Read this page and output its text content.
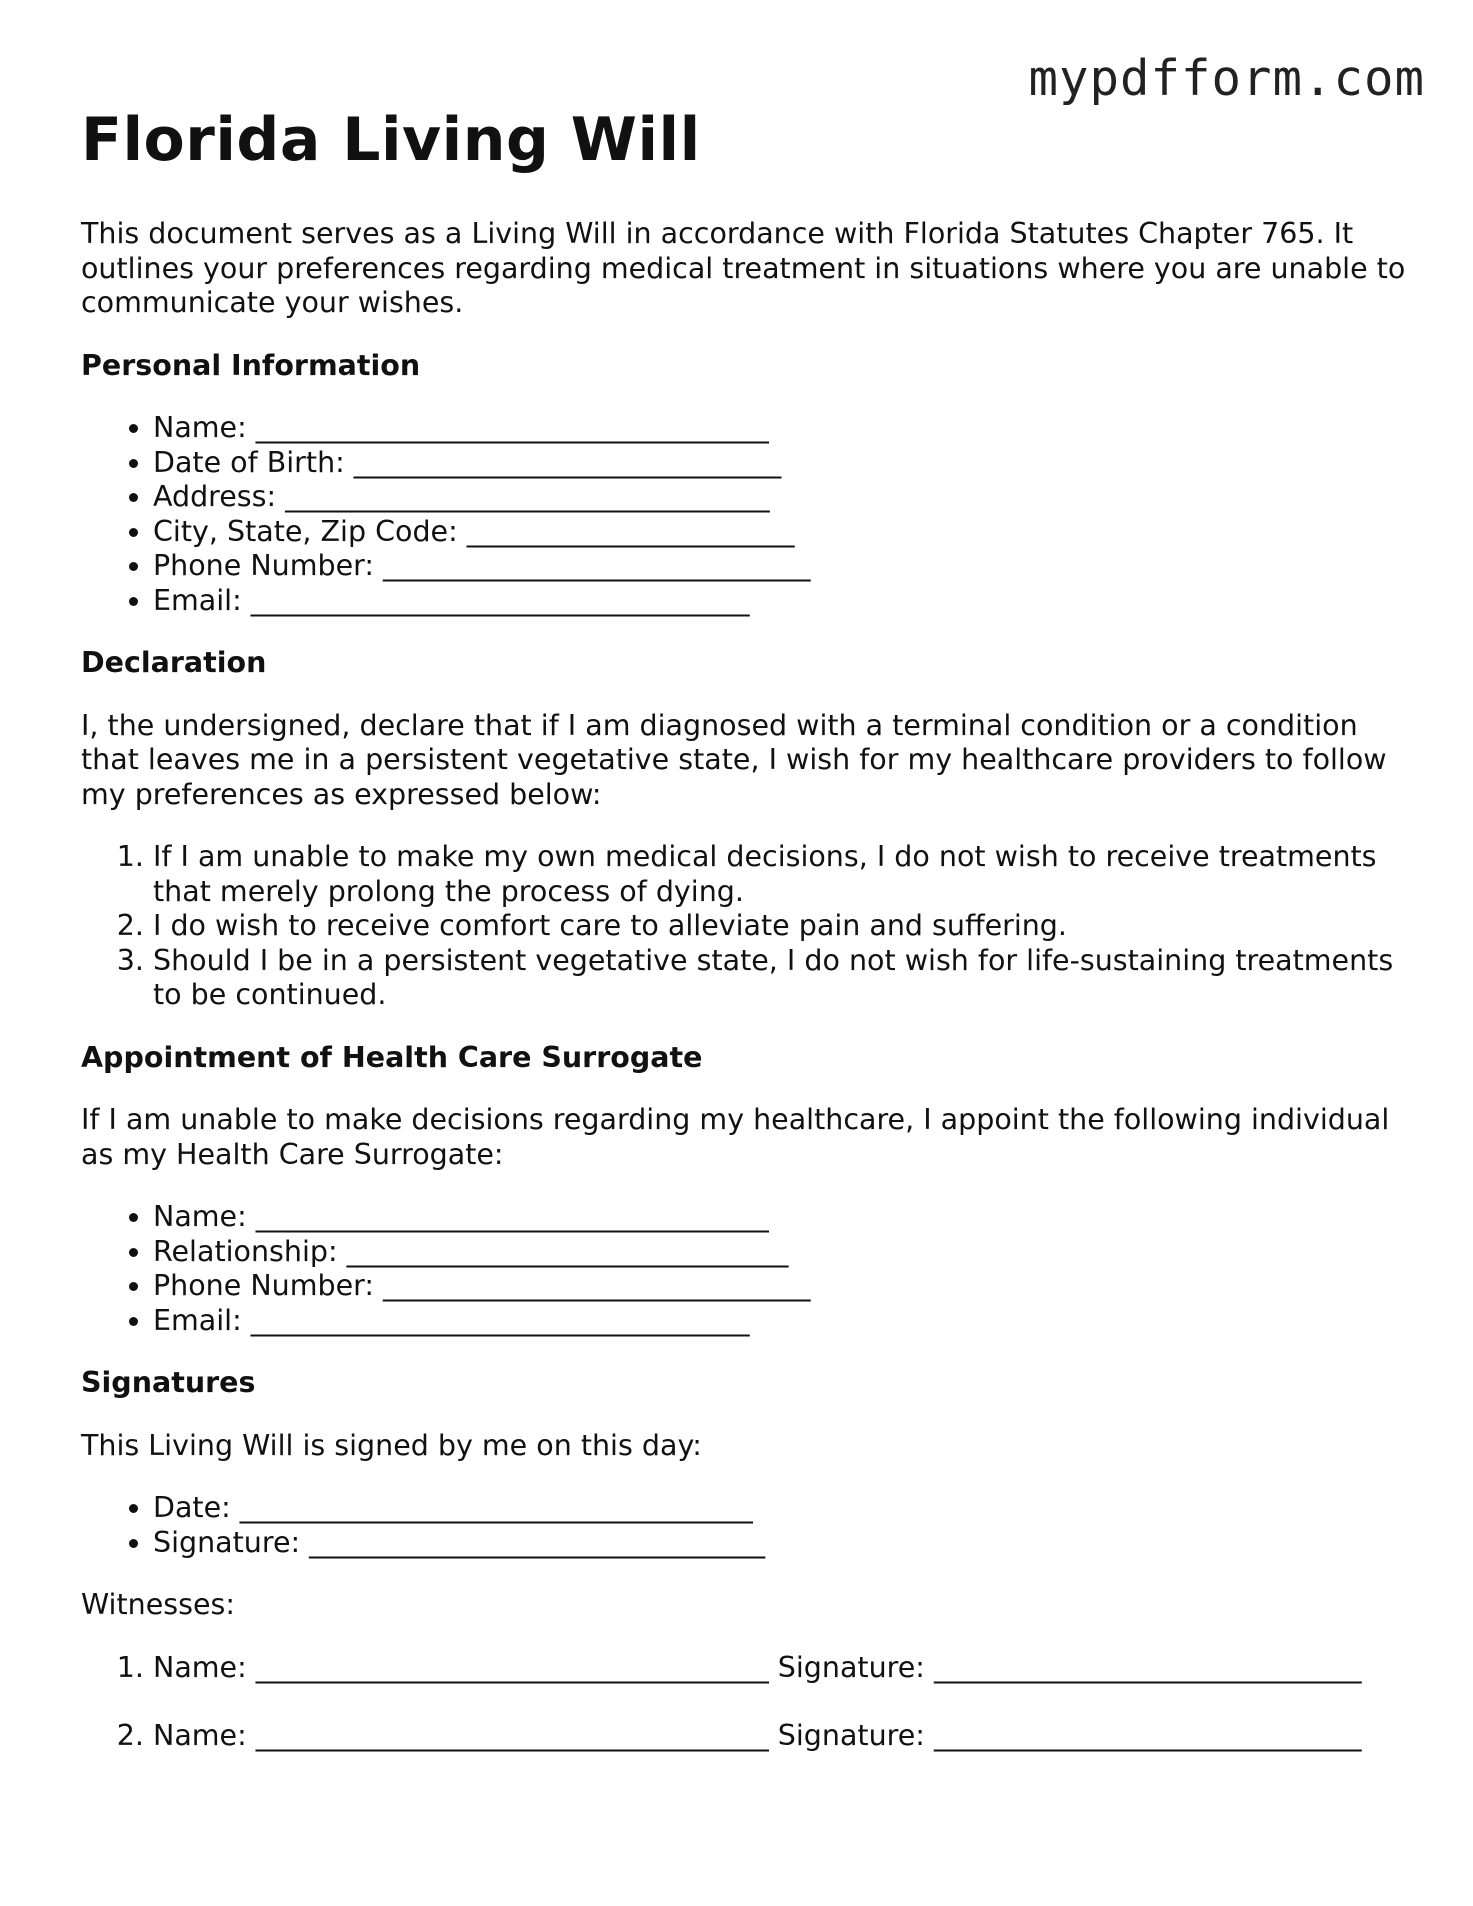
mypdfform.com
Florida Living Will

This document serves as a Living Will in accordance with Florida Statutes Chapter 765. It outlines your preferences regarding medical treatment in situations where you are unable to communicate your wishes.

Personal Information
• Name: ____________________________________
• Date of Birth: ______________________________
• Address: __________________________________
• City, State, Zip Code: _______________________
• Phone Number: ______________________________
• Email: ___________________________________
Declaration

I, the undersigned, declare that if I am diagnosed with a terminal condition or a condition that leaves me in a persistent vegetative state, I wish for my healthcare providers to follow my preferences as expressed below:

1. If I am unable to make my own medical decisions, I do not wish to receive treatments that merely prolong the process of dying.
2. I do wish to receive comfort care to alleviate pain and suffering.
3. Should I be in a persistent vegetative state, I do not wish for life-sustaining treatments to be continued.
Appointment of Health Care Surrogate

If I am unable to make decisions regarding my healthcare, I appoint the following individual as my Health Care Surrogate:

• Name: ____________________________________
• Relationship: _______________________________
• Phone Number: ______________________________
• Email: ___________________________________
Signatures

This Living Will is signed by me on this day:

• Date: ____________________________________
• Signature: ________________________________

Witnesses:

1. Name: ____________________________________ Signature: ______________________________
2. Name: ____________________________________ Signature: ______________________________
